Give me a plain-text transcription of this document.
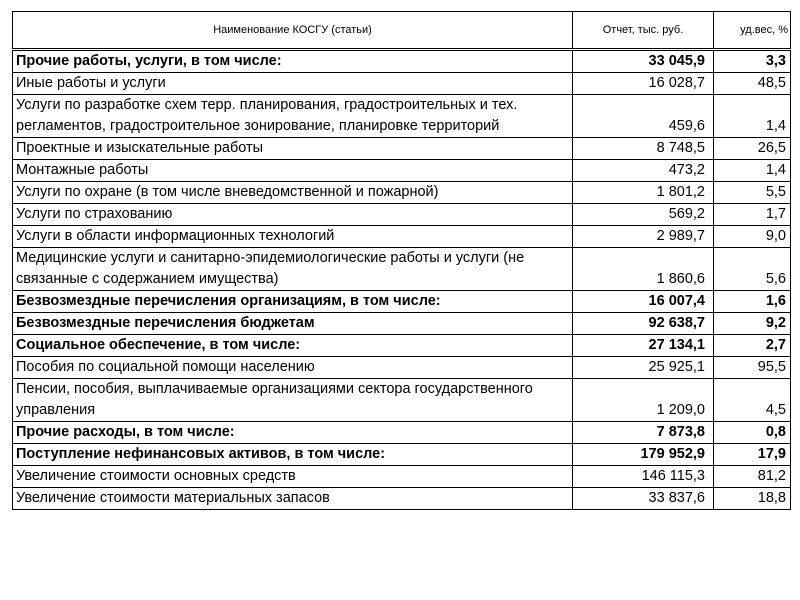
Наименование КОСГУ (статьи)	Отчет, тыс. руб.	уд.вес, %
Прочие работы, услуги, в том числе:	33 045,9	3,3
Иные работы и услуги	16 028,7	48,5
Услуги по разработке схем терр. планирования, градостроительных и тех. регламентов, градостроительное зонирование, планировке территорий	459,6	1,4
Проектные и изыскательные работы	8 748,5	26,5
Монтажные работы	473,2	1,4
Услуги по охране (в том числе вневедомственной и пожарной)	1 801,2	5,5
Услуги по страхованию	569,2	1,7
Услуги в области информационных технологий	2 989,7	9,0
Медицинские услуги и санитарно-эпидемиологические работы и услуги (не связанные с содержанием имущества)	1 860,6	5,6
Безвозмездные перечисления организациям, в том числе:	16 007,4	1,6
Безвозмездные перечисления бюджетам	92 638,7	9,2
Социальное обеспечение, в том числе:	27 134,1	2,7
Пособия по социальной помощи населению	25 925,1	95,5
Пенсии, пособия, выплачиваемые организациями сектора государственного управления	1 209,0	4,5
Прочие расходы, в том числе:	7 873,8	0,8
Поступление нефинансовых активов, в том числе:	179 952,9	17,9
Увеличение стоимости основных средств	146 115,3	81,2
Увеличение стоимости материальных запасов	33 837,6	18,8
